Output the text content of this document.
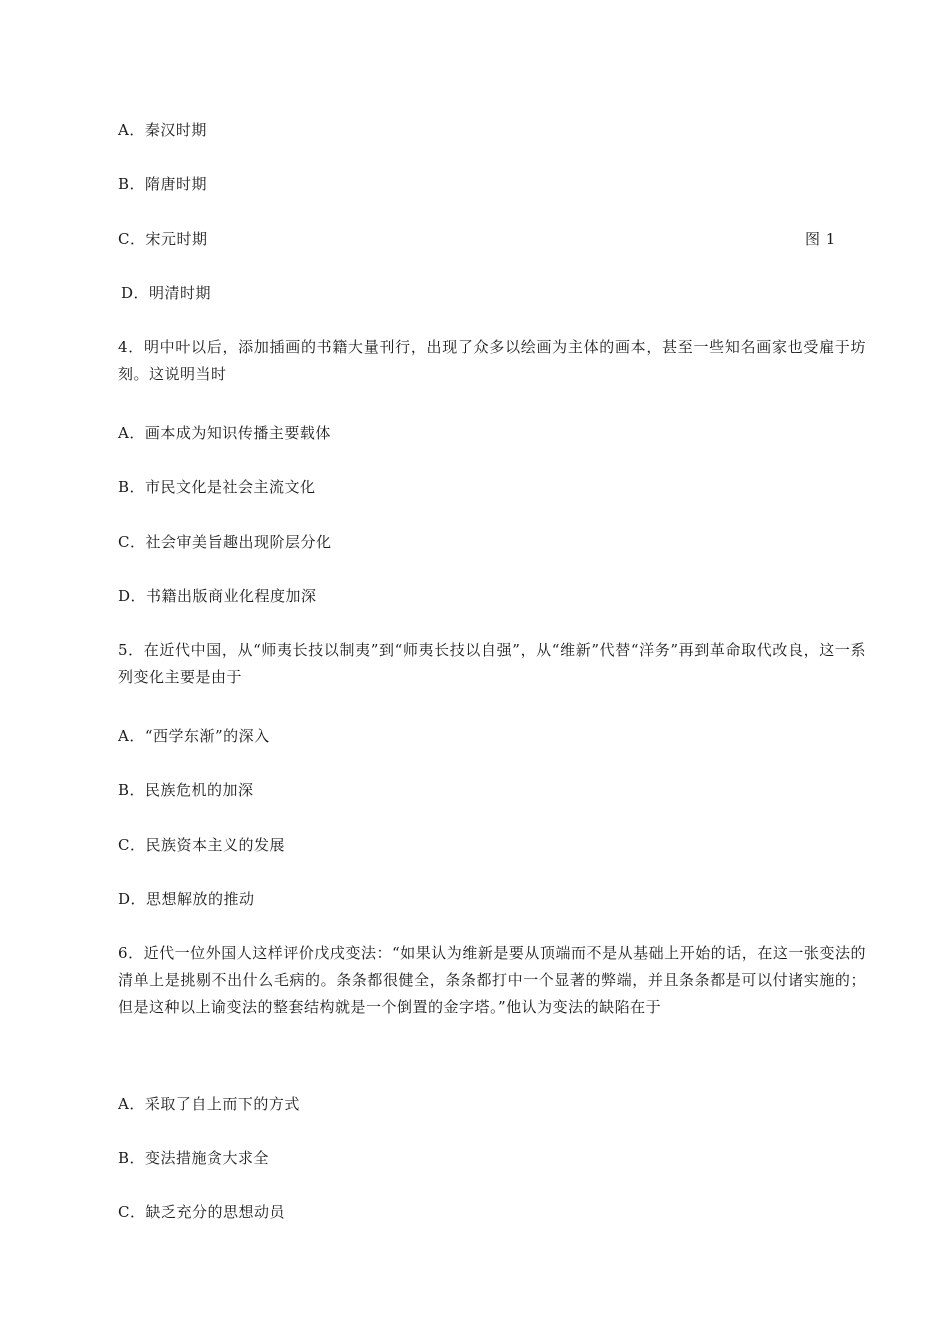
A．秦汉时期
B．隋唐时期
C．宋元时期	图 1
D．明清时期
4．明中叶以后，添加插画的书籍大量刊行，出现了众多以绘画为主体的画本，甚至一些知名画家也受雇于坊刻。这说明当时
A．画本成为知识传播主要载体
B．市民文化是社会主流文化
C．社会审美旨趣出现阶层分化
D．书籍出版商业化程度加深
5．在近代中国，从“师夷长技以制夷”到“师夷长技以自强”，从“维新”代替“洋务”再到革命取代改良，这一系列变化主要是由于
A．“西学东渐”的深入
B．民族危机的加深
C．民族资本主义的发展
D．思想解放的推动
6．近代一位外国人这样评价戊戌变法：“如果认为维新是要从顶端而不是从基础上开始的话，在这一张变法的清单上是挑剔不出什么毛病的。条条都很健全，条条都打中一个显著的弊端，并且条条都是可以付诸实施的；但是这种以上谕变法的整套结构就是一个倒置的金字塔。”他认为变法的缺陷在于
A．采取了自上而下的方式
B．变法措施贪大求全
C．缺乏充分的思想动员
